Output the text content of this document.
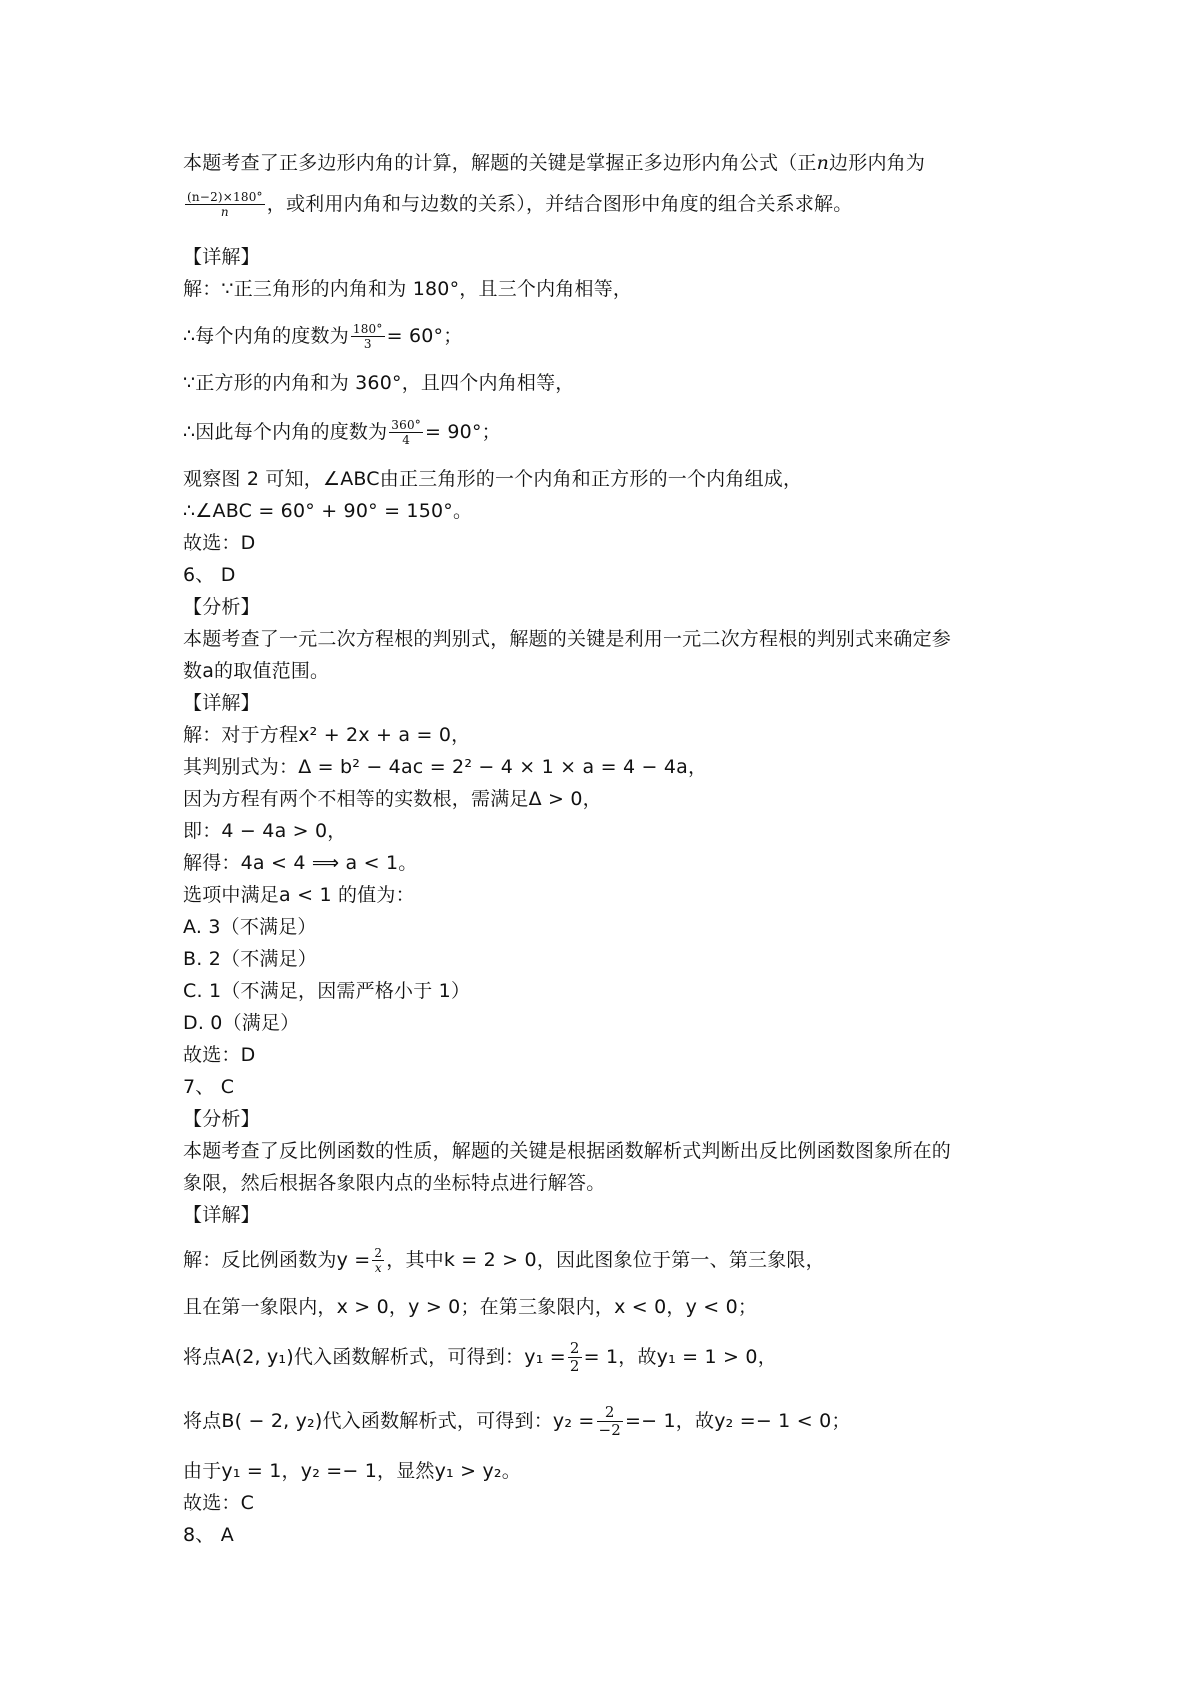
本题考查了正多边形内角的计算，解题的关键是掌握正多边形内角公式（正n边形内角为
$\frac{(n-2)\times 180^\circ}{n}$ ，或利用内角和与边数的关系），并结合图形中角度的组合关系求解。
【详解】
解：∵正三角形的内角和为 180°，且三个内角相等，
∴每个内角的度数为 $\frac{180^\circ}{3} = 60^\circ$；
∵正方形的内角和为 360°，且四个内角相等，
∴因此每个内角的度数为 $\frac{360^\circ}{4} = 90^\circ$；
观察图 2 可知，∠ABC由正三角形的一个内角和正方形的一个内角组成，
∴∠ABC = 60° + 90° = 150°。
故选：D
6、 D
【分析】
本题考查了一元二次方程根的判别式，解题的关键是利用一元二次方程根的判别式来确定参
数a的取值范围。
【详解】
解：对于方程x² + 2x + a = 0，
其判别式为：Δ = b² − 4ac = 2² − 4 × 1 × a = 4 − 4a，
因为方程有两个不相等的实数根，需满足Δ > 0，
即：4 − 4a > 0，
解得：4a < 4 ⟹ a < 1。
选项中满足a < 1 的值为：
A. 3（不满足）
B. 2（不满足）
C. 1（不满足，因需严格小于 1）
D. 0（满足）
故选：D
7、 C
【分析】
本题考查了反比例函数的性质，解题的关键是根据函数解析式判断出反比例函数图象所在的
象限，然后根据各象限内点的坐标特点进行解答。
【详解】
解：反比例函数为$y = \frac{2}{x}$ ，其中k = 2 > 0，因此图象位于第一、第三象限，
且在第一象限内，x > 0，y > 0；在第三象限内，x < 0，y < 0；
将点A(2, y₁)代入函数解析式，可得到：$y_1 = \frac{2}{2} = 1$，故y₁ = 1 > 0，
将点B( − 2, y₂)代入函数解析式，可得到：$y_2 = \frac{2}{-2} =- 1$，故y₂ =− 1 < 0；
由于y₁ = 1，y₂ =− 1，显然y₁ > y₂。
故选：C
8、 A
